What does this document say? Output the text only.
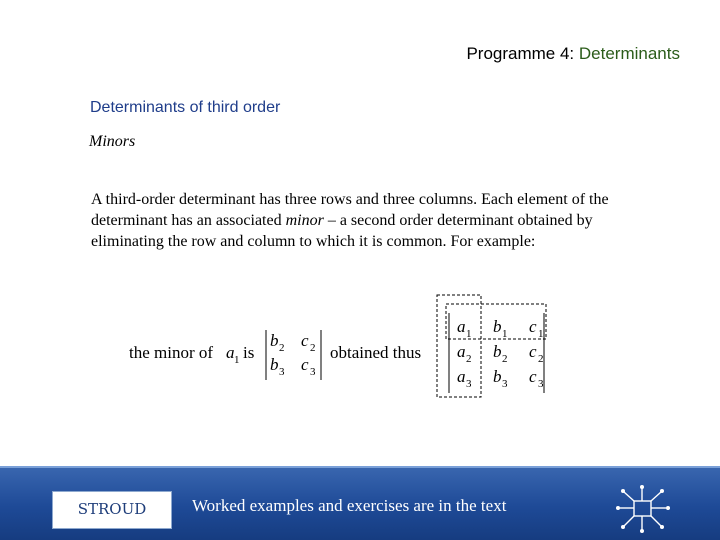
Programme 4: Determinants
Determinants of third order
Minors

A third-order determinant has three rows and three columns. Each element of the determinant has an associated minor – a second order determinant obtained by eliminating the row and column to which it is common. For example:

the minor of a 1 is
b 2 c 2
b 3 c 3
obtained thus
a 1 b 1 c 1
a 2 b 2 c 2
a 3 b 3 c 3
STROUD	Worked examples and exercises are in the text
